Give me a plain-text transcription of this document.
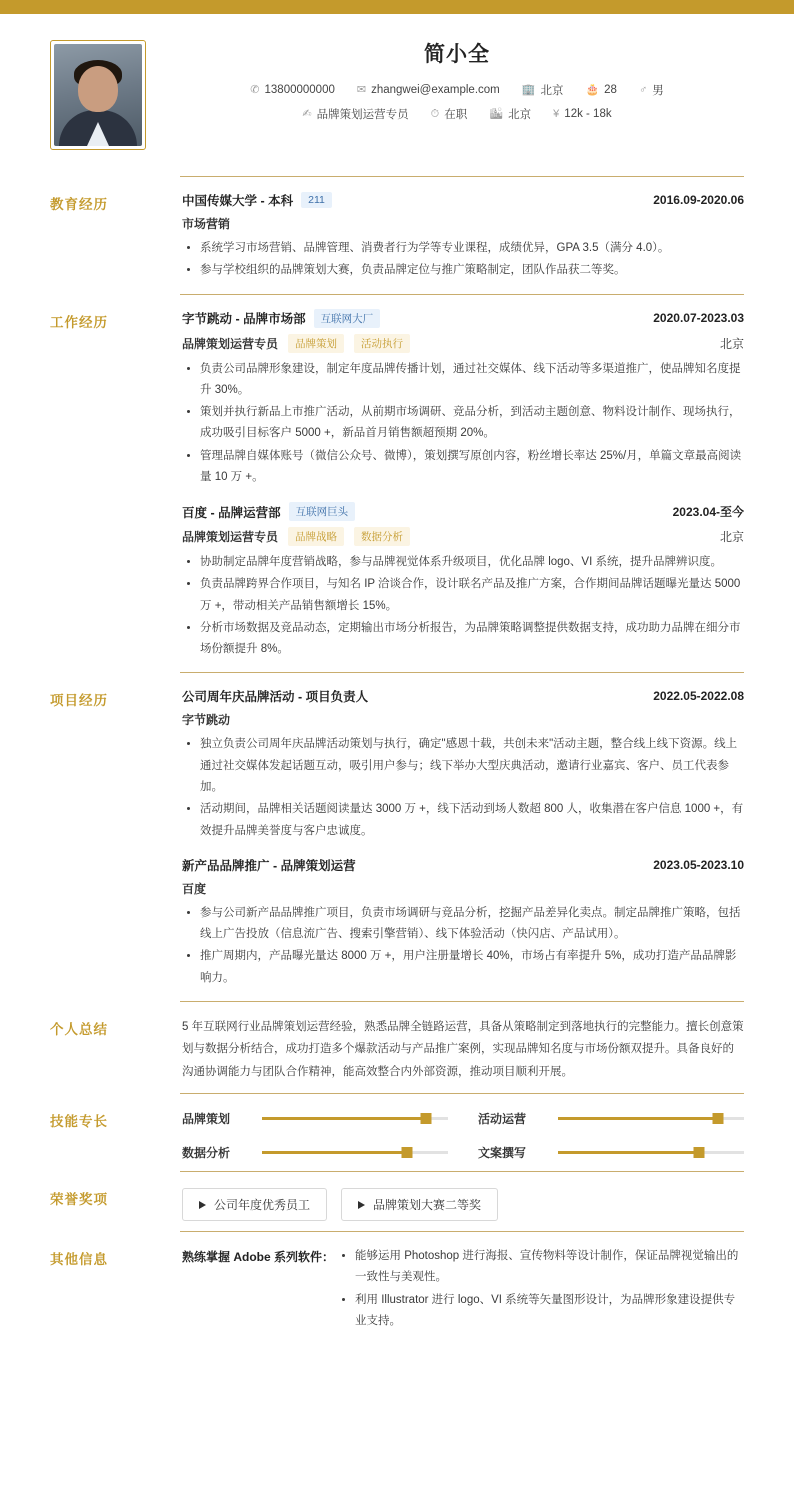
简小全
✆ 13800000000 ✉ zhangwei@example.com 🏢 北京 🎂 28 ♂ 男
✍ 品牌策划运营专员 ⏱ 在职 🏙 北京 ¥ 12k - 18k
教育经历	中国传媒大学 - 本科	211	2016.09-2020.06
市场营销
• 系统学习市场营销、品牌管理、消费者行为学等专业课程，成绩优异，GPA 3.5（满分 4.0）。
• 参与学校组织的品牌策划大赛，负责品牌定位与推广策略制定，团队作品获二等奖。
工作经历	字节跳动 - 品牌市场部	互联网大厂	2020.07-2023.03
品牌策划运营专员	品牌策划	活动执行	北京
• 负责公司品牌形象建设，制定年度品牌传播计划，通过社交媒体、线下活动等多渠道推广，使品牌知名度提升 30%。
• 策划并执行新品上市推广活动，从前期市场调研、竞品分析，到活动主题创意、物料设计制作、现场执行，成功吸引目标客户 5000 +，新品首月销售额超预期 20%。
• 管理品牌自媒体账号（微信公众号、微博），策划撰写原创内容，粉丝增长率达 25%/月，单篇文章最高阅读量 10 万 +。
百度 - 品牌运营部	互联网巨头	2023.04-至今
品牌策划运营专员	品牌战略	数据分析	北京
• 协助制定品牌年度营销战略，参与品牌视觉体系升级项目，优化品牌 logo、VI 系统，提升品牌辨识度。
• 负责品牌跨界合作项目，与知名 IP 洽谈合作，设计联名产品及推广方案，合作期间品牌话题曝光量达 5000 万 +，带动相关产品销售额增长 15%。
• 分析市场数据及竞品动态，定期输出市场分析报告，为品牌策略调整提供数据支持，成功助力品牌在细分市场份额提升 8%。
项目经历	公司周年庆品牌活动 - 项目负责人	2022.05-2022.08
字节跳动
• 独立负责公司周年庆品牌活动策划与执行，确定"感恩十载，共创未来"活动主题，整合线上线下资源。线上通过社交媒体发起话题互动，吸引用户参与；线下举办大型庆典活动，邀请行业嘉宾、客户、员工代表参加。
• 活动期间，品牌相关话题阅读量达 3000 万 +，线下活动到场人数超 800 人，收集潜在客户信息 1000 +，有效提升品牌美誉度与客户忠诚度。
新产品品牌推广 - 品牌策划运营	2023.05-2023.10
百度
• 参与公司新产品品牌推广项目，负责市场调研与竞品分析，挖掘产品差异化卖点。制定品牌推广策略，包括线上广告投放（信息流广告、搜索引擎营销）、线下体验活动（快闪店、产品试用）。
• 推广周期内，产品曝光量达 8000 万 +，用户注册量增长 40%，市场占有率提升 5%，成功打造产品品牌影响力。
个人总结	5 年互联网行业品牌策划运营经验，熟悉品牌全链路运营，具备从策略制定到落地执行的完整能力。擅长创意策划与数据分析结合，成功打造多个爆款活动与产品推广案例，实现品牌知名度与市场份额双提升。具备良好的沟通协调能力与团队合作精神，能高效整合内外部资源，推动项目顺利开展。
技能专长	品牌策划	活动运营
数据分析	文案撰写
荣誉奖项	公司年度优秀员工	品牌策划大赛二等奖
其他信息	熟练掌握 Adobe 系列软件： • 能够运用 Photoshop 进行海报、宣传物料等设计制作，保证品牌视觉输出的一致性与美观性。
• 利用 Illustrator 进行 logo、VI 系统等矢量图形设计，为品牌形象建设提供专业支持。
